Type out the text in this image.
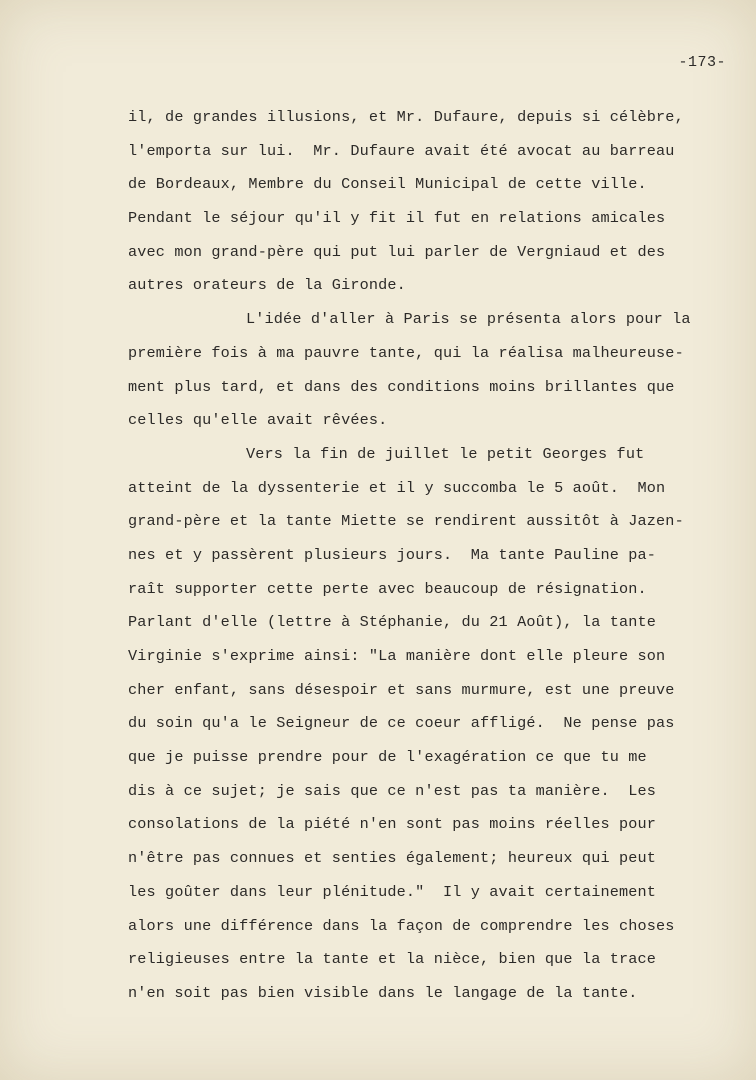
-173-
il, de grandes illusions, et Mr. Dufaure, depuis si célèbre,
l'emporta sur lui.  Mr. Dufaure avait été avocat au barreau
de Bordeaux, Membre du Conseil Municipal de cette ville.
Pendant le séjour qu'il y fit il fut en relations amicales
avec mon grand-père qui put lui parler de Vergniaud et des
autres orateurs de la Gironde.
L'idée d'aller à Paris se présenta alors pour la
première fois à ma pauvre tante, qui la réalisa malheureuse-
ment plus tard, et dans des conditions moins brillantes que
celles qu'elle avait rêvées.
Vers la fin de juillet le petit Georges fut
atteint de la dyssenterie et il y succomba le 5 août.  Mon
grand-père et la tante Miette se rendirent aussitôt à Jazen-
nes et y passèrent plusieurs jours.  Ma tante Pauline pa-
raît supporter cette perte avec beaucoup de résignation.
Parlant d'elle (lettre à Stéphanie, du 21 Août), la tante
Virginie s'exprime ainsi: "La manière dont elle pleure son
cher enfant, sans désespoir et sans murmure, est une preuve
du soin qu'a le Seigneur de ce coeur affligé.  Ne pense pas
que je puisse prendre pour de l'exagération ce que tu me
dis à ce sujet; je sais que ce n'est pas ta manière.  Les
consolations de la piété n'en sont pas moins réelles pour
n'être pas connues et senties également; heureux qui peut
les goûter dans leur plénitude."  Il y avait certainement
alors une différence dans la façon de comprendre les choses
religieuses entre la tante et la nièce, bien que la trace
n'en soit pas bien visible dans le langage de la tante.
